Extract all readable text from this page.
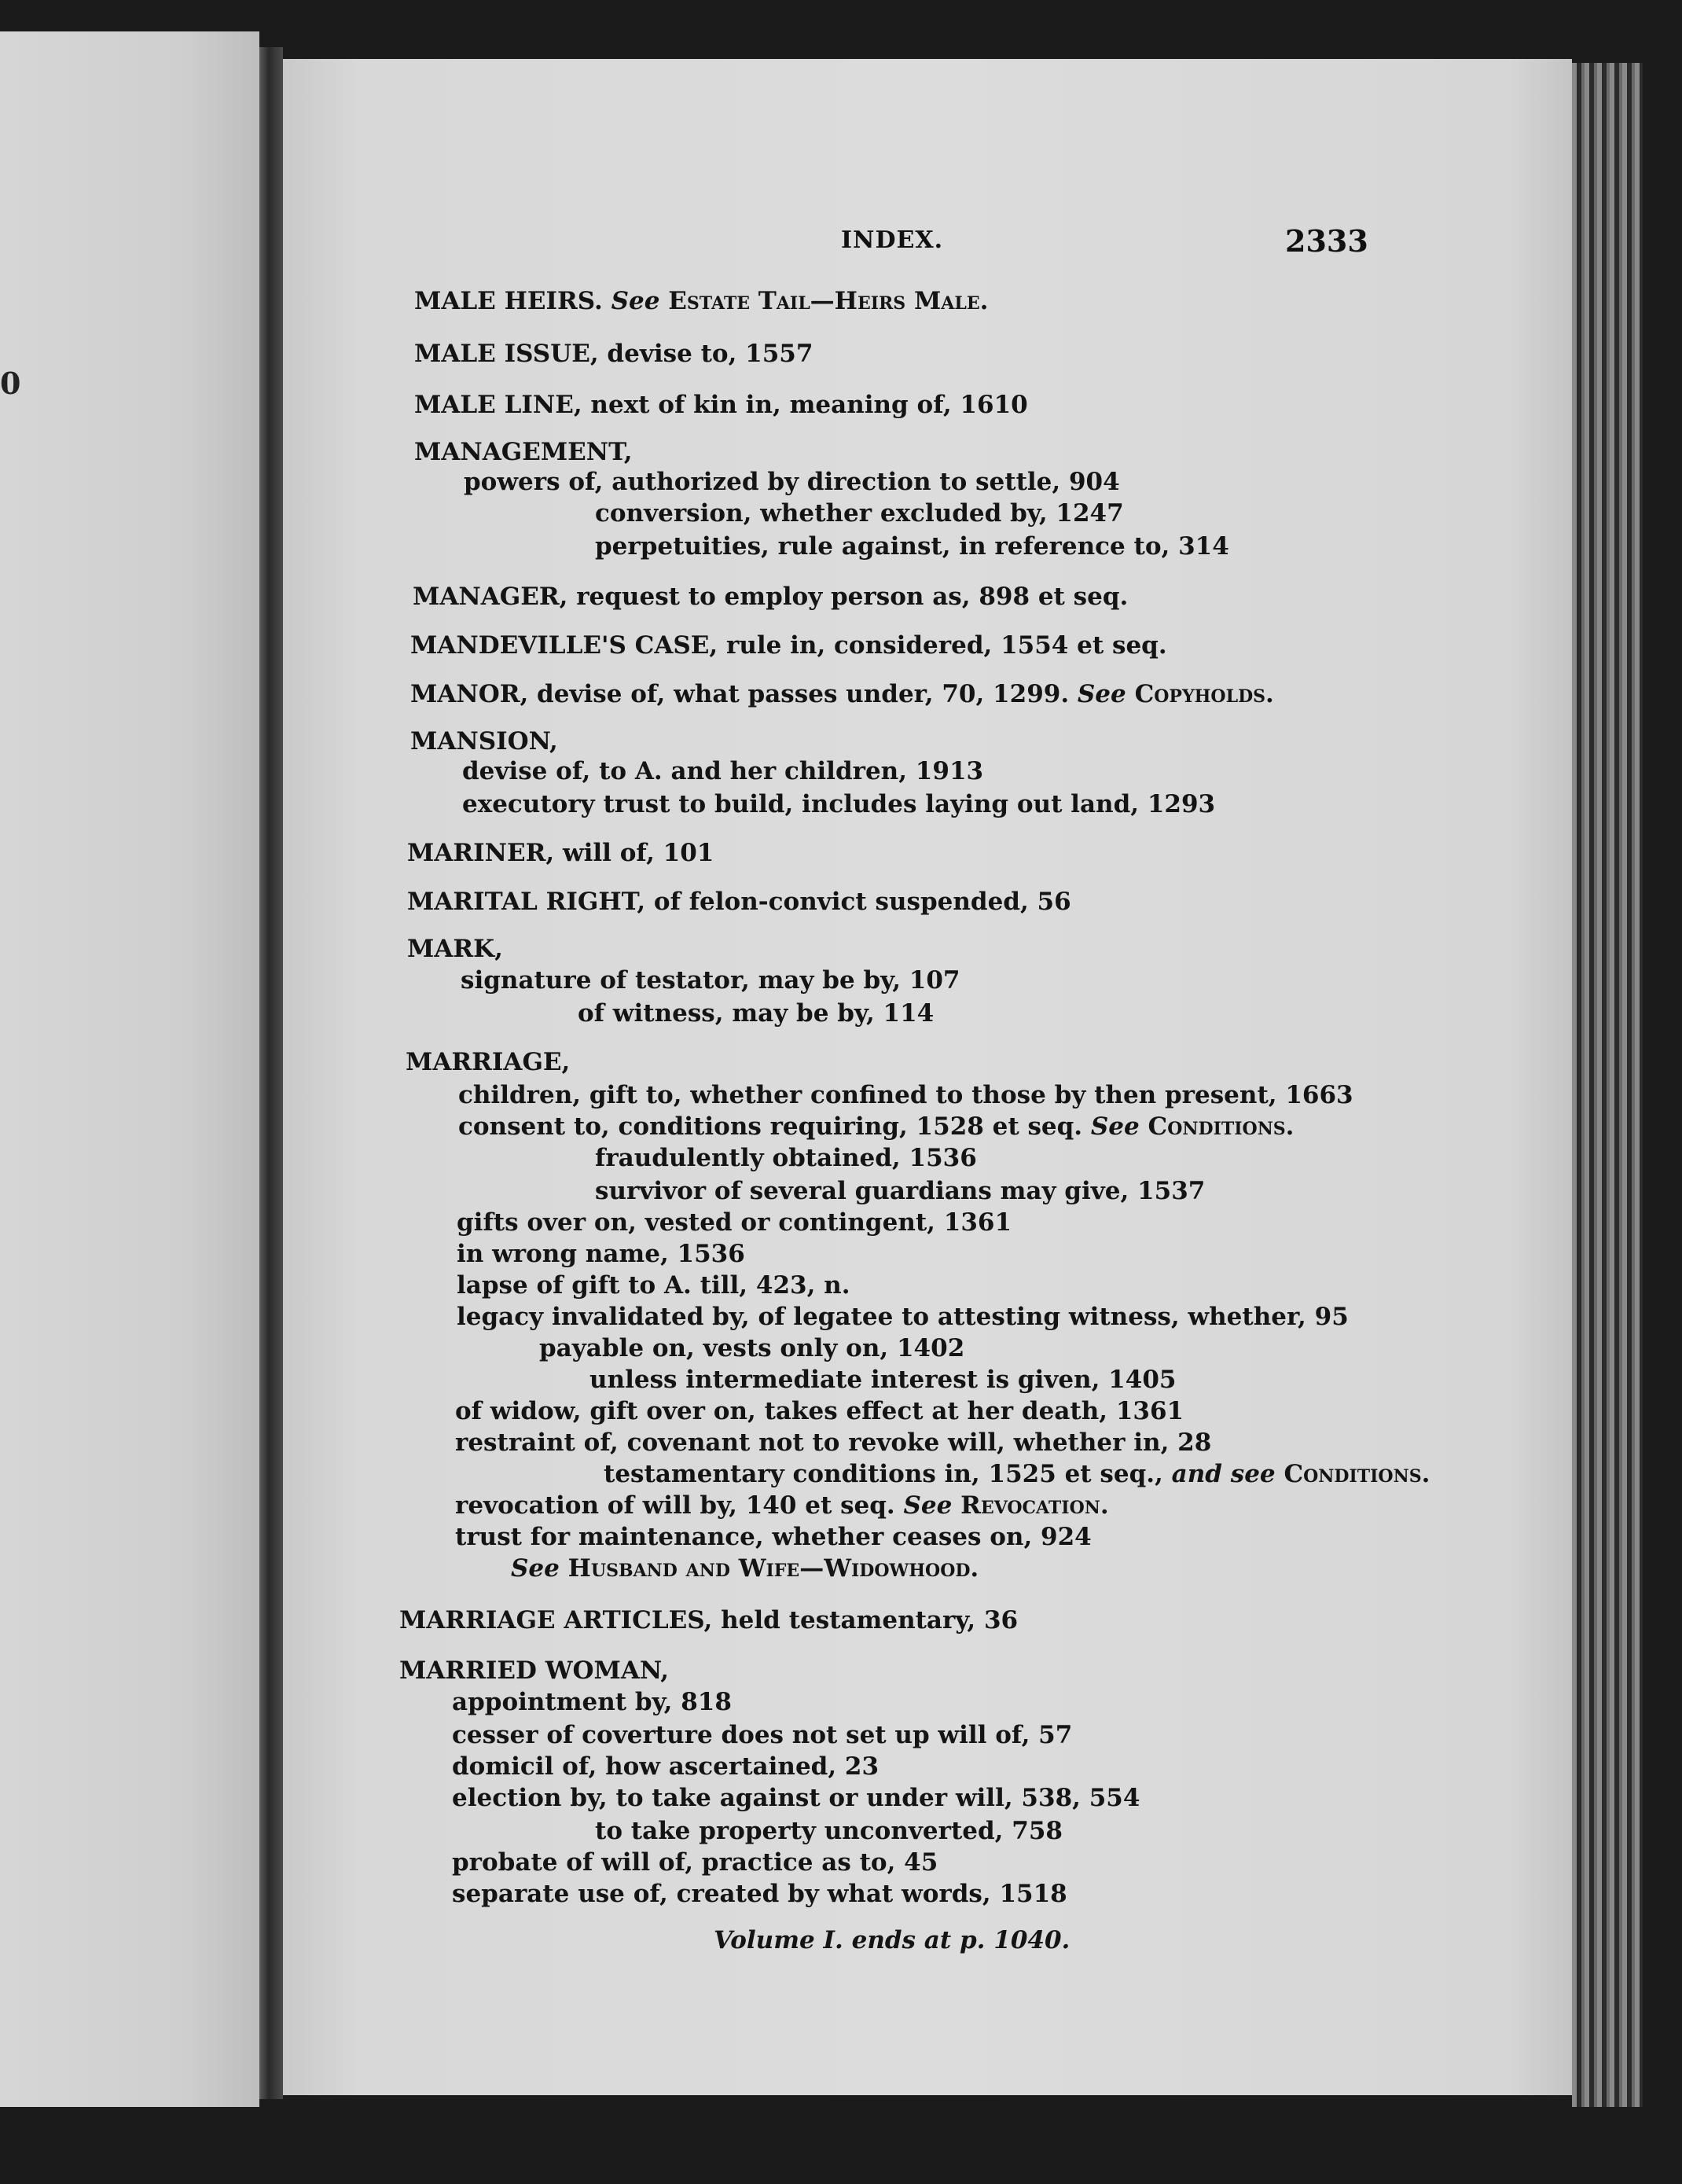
0
INDEX.	2333
MALE HEIRS. See Estate Tail—Heirs Male.
MALE ISSUE, devise to, 1557
MALE LINE, next of kin in, meaning of, 1610
MANAGEMENT,
powers of, authorized by direction to settle, 904
conversion, whether excluded by, 1247
perpetuities, rule against, in reference to, 314
MANAGER, request to employ person as, 898 et seq.
MANDEVILLE'S CASE, rule in, considered, 1554 et seq.
MANOR, devise of, what passes under, 70, 1299. See Copyholds.
MANSION,
devise of, to A. and her children, 1913
executory trust to build, includes laying out land, 1293
MARINER, will of, 101
MARITAL RIGHT, of felon-convict suspended, 56
MARK,
signature of testator, may be by, 107
of witness, may be by, 114
MARRIAGE,
children, gift to, whether confined to those by then present, 1663
consent to, conditions requiring, 1528 et seq. See Conditions.
fraudulently obtained, 1536
survivor of several guardians may give, 1537
gifts over on, vested or contingent, 1361
in wrong name, 1536
lapse of gift to A. till, 423, n.
legacy invalidated by, of legatee to attesting witness, whether, 95
payable on, vests only on, 1402
unless intermediate interest is given, 1405
of widow, gift over on, takes effect at her death, 1361
restraint of, covenant not to revoke will, whether in, 28
testamentary conditions in, 1525 et seq., and see Conditions.
revocation of will by, 140 et seq. See Revocation.
trust for maintenance, whether ceases on, 924
See Husband and Wife—Widowhood.
MARRIAGE ARTICLES, held testamentary, 36
MARRIED WOMAN,
appointment by, 818
cesser of coverture does not set up will of, 57
domicil of, how ascertained, 23
election by, to take against or under will, 538, 554
to take property unconverted, 758
probate of will of, practice as to, 45
separate use of, created by what words, 1518
Volume I. ends at p. 1040.
